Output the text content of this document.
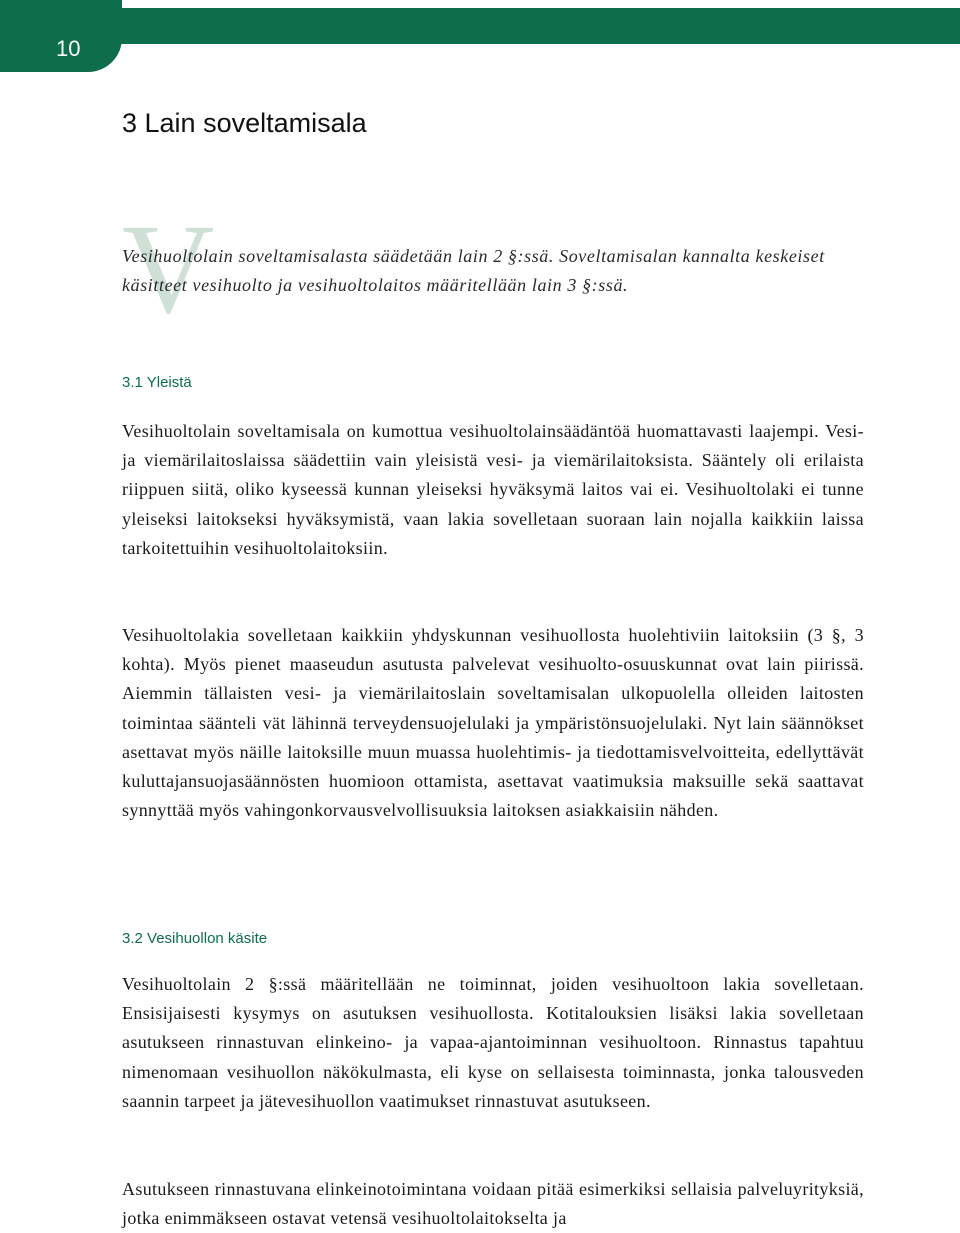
10
3 Lain soveltamisala
V

Vesihuoltolain soveltamisalasta säädetään lain 2 §:ssä. Soveltamisalan kannalta keskeiset käsitteet vesihuolto ja vesihuoltolaitos määritellään lain 3 §:ssä.

3.1 Yleistä

Vesihuoltolain soveltamisala on kumottua vesihuoltolainsäädäntöä huomattavasti laajempi. Vesi- ja viemärilaitoslaissa säädettiin vain yleisistä vesi- ja viemärilaitoksista. Sääntely oli erilaista riippuen siitä, oliko kyseessä kunnan yleiseksi hyväksymä laitos vai ei. Vesihuoltolaki ei tunne yleiseksi laitokseksi hyväksymistä, vaan lakia sovelletaan suoraan lain nojalla kaikkiin laissa tarkoitettuihin vesihuoltolaitoksiin.

Vesihuoltolakia sovelletaan kaikkiin yhdyskunnan vesihuollosta huolehtiviin laitoksiin (3 §, 3 kohta). Myös pienet maaseudun asutusta palvelevat vesihuolto-osuuskunnat ovat lain piirissä. Aiemmin tällaisten vesi- ja viemärilaitoslain soveltamisalan ulkopuolella olleiden laitosten toimintaa säänteli vät lähinnä terveydensuojelulaki ja ympäristönsuojelulaki. Nyt lain säännökset asettavat myös näille laitoksille muun muassa huolehtimis- ja tiedottamisvelvoitteita, edellyttävät kuluttajansuojasäännösten huomioon ottamista, asettavat vaatimuksia maksuille sekä saattavat synnyttää myös vahingonkorvausvelvollisuuksia laitoksen asiakkaisiin nähden.

3.2 Vesihuollon käsite

Vesihuoltolain 2 §:ssä määritellään ne toiminnat, joiden vesihuoltoon lakia sovelletaan. Ensisijaisesti kysymys on asutuksen vesihuollosta. Kotitalouksien lisäksi lakia sovelletaan asutukseen rinnastuvan elinkeino- ja vapaa-ajantoiminnan vesihuoltoon. Rinnastus tapahtuu nimenomaan vesihuollon näkökulmasta, eli kyse on sellaisesta toiminnasta, jonka talousveden saannin tarpeet ja jätevesihuollon vaatimukset rinnastuvat asutukseen.

Asutukseen rinnastuvana elinkeinotoimintana voidaan pitää esimerkiksi sellaisia palveluyrityksiä, jotka enimmäkseen ostavat vetensä vesihuoltolaitokselta ja
